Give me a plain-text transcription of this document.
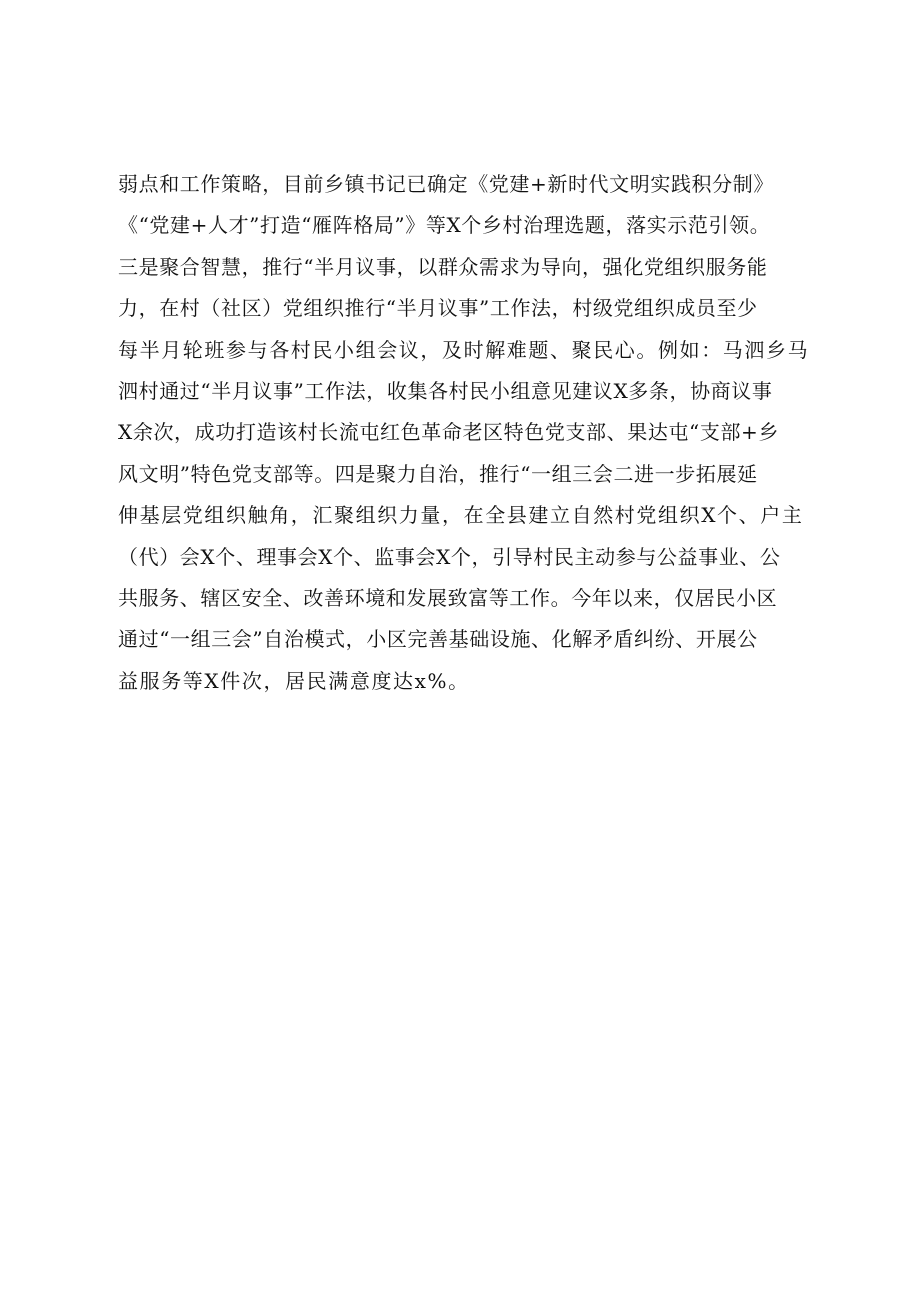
弱点和工作策略，目前乡镇书记已确定《党建+新时代文明实践积分制》
《“党建+人才”打造“雁阵格局”》等X个乡村治理选题，落实示范引领。
三是聚合智慧，推行“半月议事，以群众需求为导向，强化党组织服务能
力，在村（社区）党组织推行“半月议事”工作法，村级党组织成员至少
每半月轮班参与各村民小组会议，及时解难题、聚民心。例如：马泗乡马
泗村通过“半月议事”工作法，收集各村民小组意见建议X多条，协商议事
X余次，成功打造该村长流屯红色革命老区特色党支部、果达屯“支部+乡
风文明”特色党支部等。四是聚力自治，推行“一组三会二进一步拓展延
伸基层党组织触角，汇聚组织力量，在全县建立自然村党组织X个、户主
（代）会X个、理事会X个、监事会X个，引导村民主动参与公益事业、公
共服务、辖区安全、改善环境和发展致富等工作。今年以来，仅居民小区
通过“一组三会”自治模式，小区完善基础设施、化解矛盾纠纷、开展公
益服务等X件次，居民满意度达x%。
